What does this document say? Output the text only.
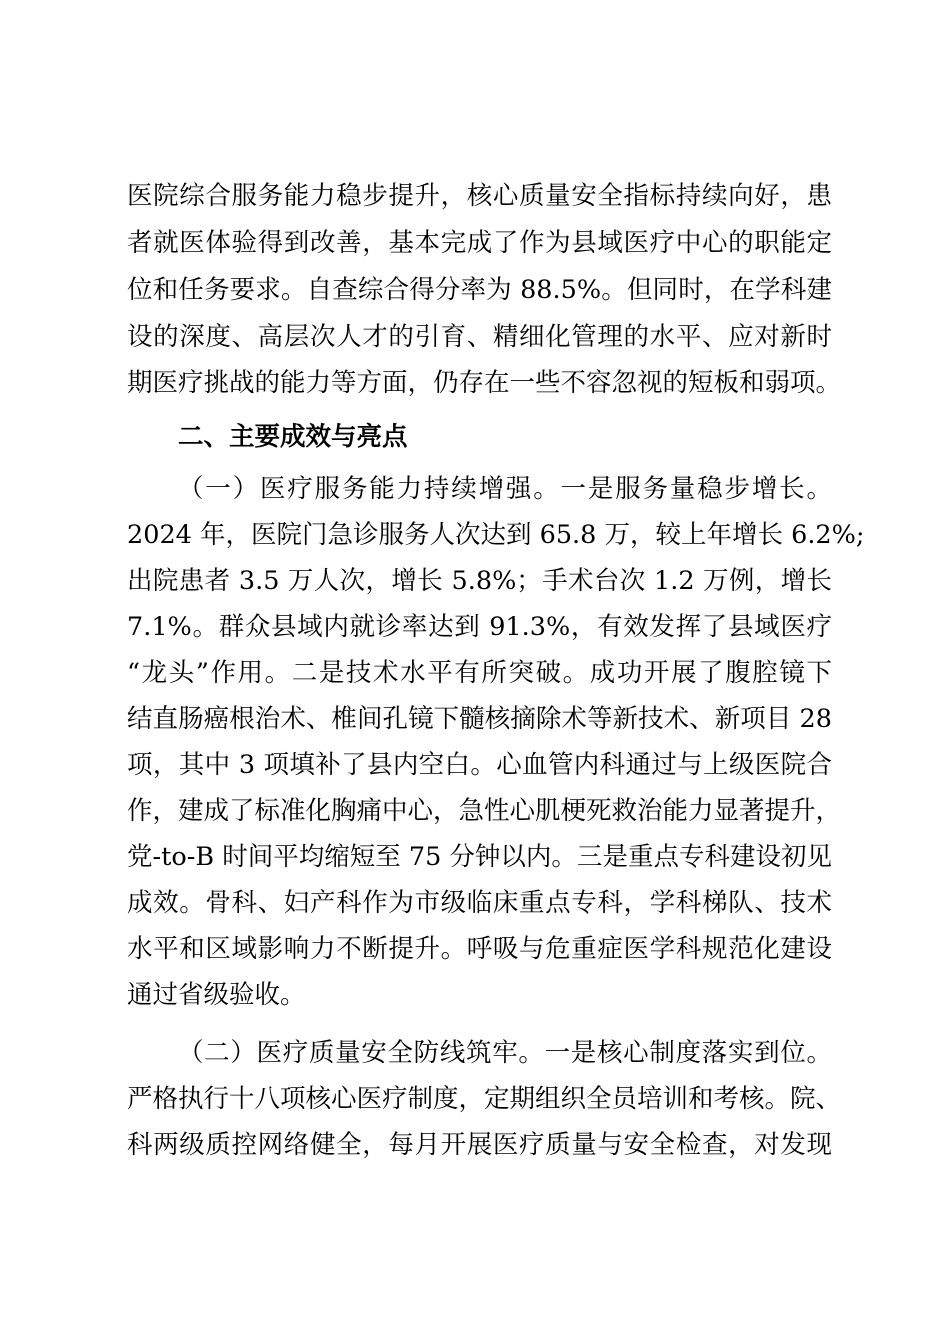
医院综合服务能力稳步提升，核心质量安全指标持续向好，患
者就医体验得到改善，基本完成了作为县域医疗中心的职能定
位和任务要求。自查综合得分率为 88.5%。但同时，在学科建
设的深度、高层次人才的引育、精细化管理的水平、应对新时
期医疗挑战的能力等方面，仍存在一些不容忽视的短板和弱项。
二、主要成效与亮点
（一）医疗服务能力持续增强。一是服务量稳步增长。
2024 年，医院门急诊服务人次达到 65.8 万，较上年增长 6.2%;
出院患者 3.5 万人次，增长 5.8%；手术台次 1.2 万例，增长
7.1%。群众县域内就诊率达到 91.3%，有效发挥了县域医疗
“龙头”作用。二是技术水平有所突破。成功开展了腹腔镜下
结直肠癌根治术、椎间孔镜下髓核摘除术等新技术、新项目 28
项，其中 3 项填补了县内空白。心血管内科通过与上级医院合
作，建成了标准化胸痛中心，急性心肌梗死救治能力显著提升，
党-to-B 时间平均缩短至 75 分钟以内。三是重点专科建设初见
成效。骨科、妇产科作为市级临床重点专科，学科梯队、技术
水平和区域影响力不断提升。呼吸与危重症医学科规范化建设
通过省级验收。
（二）医疗质量安全防线筑牢。一是核心制度落实到位。
严格执行十八项核心医疗制度，定期组织全员培训和考核。院、
科两级质控网络健全，每月开展医疗质量与安全检查，对发现
